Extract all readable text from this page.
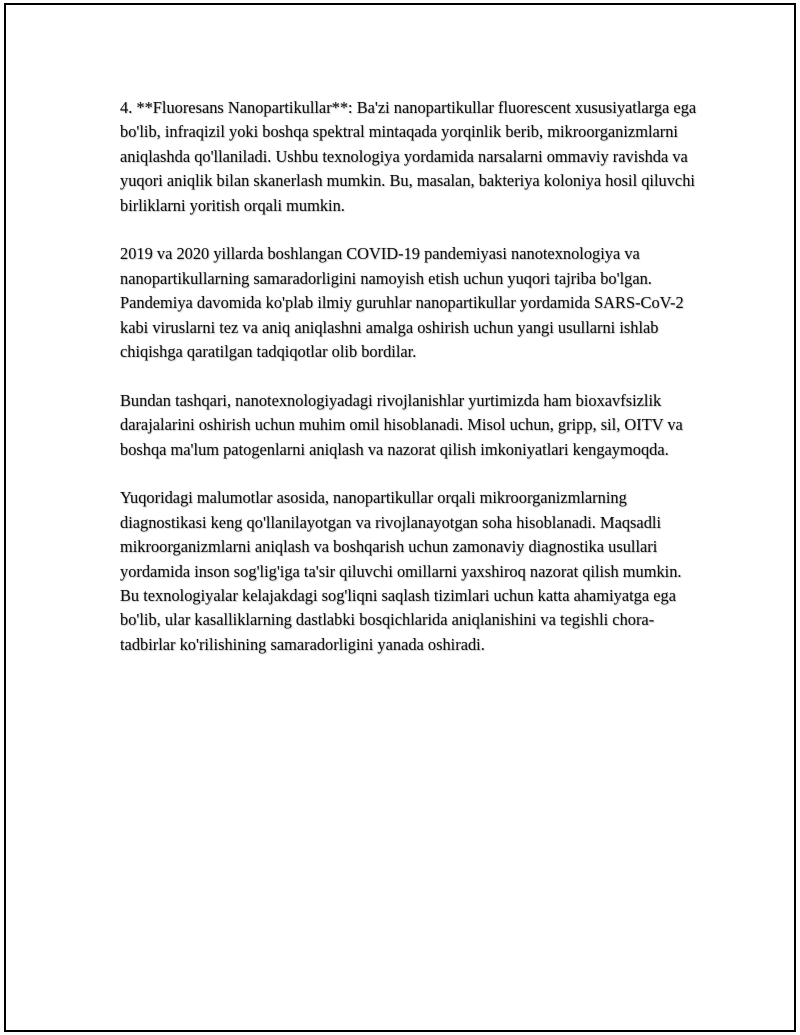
4. **Fluoresans Nanopartikullar**: Ba'zi nanopartikullar fluorescent xususiyatlarga ega bo'lib, infraqizil yoki boshqa spektral mintaqada yorqinlik berib, mikroorganizmlarni aniqlashda qo'llaniladi. Ushbu texnologiya yordamida narsalarni ommaviy ravishda va yuqori aniqlik bilan skanerlash mumkin. Bu, masalan, bakteriya koloniya hosil qiluvchi birliklarni yoritish orqali mumkin.

2019 va 2020 yillarda boshlangan COVID-19 pandemiyasi nanotexnologiya va nanopartikullarning samaradorligini namoyish etish uchun yuqori tajriba bo'lgan. Pandemiya davomida ko'plab ilmiy guruhlar nanopartikullar yordamida SARS-CoV-2 kabi viruslarni tez va aniq aniqlashni amalga oshirish uchun yangi usullarni ishlab chiqishga qaratilgan tadqiqotlar olib bordilar.

Bundan tashqari, nanotexnologiyadagi rivojlanishlar yurtimizda ham bioxavfsizlik darajalarini oshirish uchun muhim omil hisoblanadi. Misol uchun, gripp, sil, OITV va boshqa ma'lum patogenlarni aniqlash va nazorat qilish imkoniyatlari kengaymoqda.

Yuqoridagi malumotlar asosida, nanopartikullar orqali mikroorganizmlarning diagnostikasi keng qo'llanilayotgan va rivojlanayotgan soha hisoblanadi. Maqsadli mikroorganizmlarni aniqlash va boshqarish uchun zamonaviy diagnostika usullari yordamida inson sog'lig'iga ta'sir qiluvchi omillarni yaxshiroq nazorat qilish mumkin. Bu texnologiyalar kelajakdagi sog'liqni saqlash tizimlari uchun katta ahamiyatga ega bo'lib, ular kasalliklarning dastlabki bosqichlarida aniqlanishini va tegishli chora-tadbirlar ko'rilishining samaradorligini yanada oshiradi.
